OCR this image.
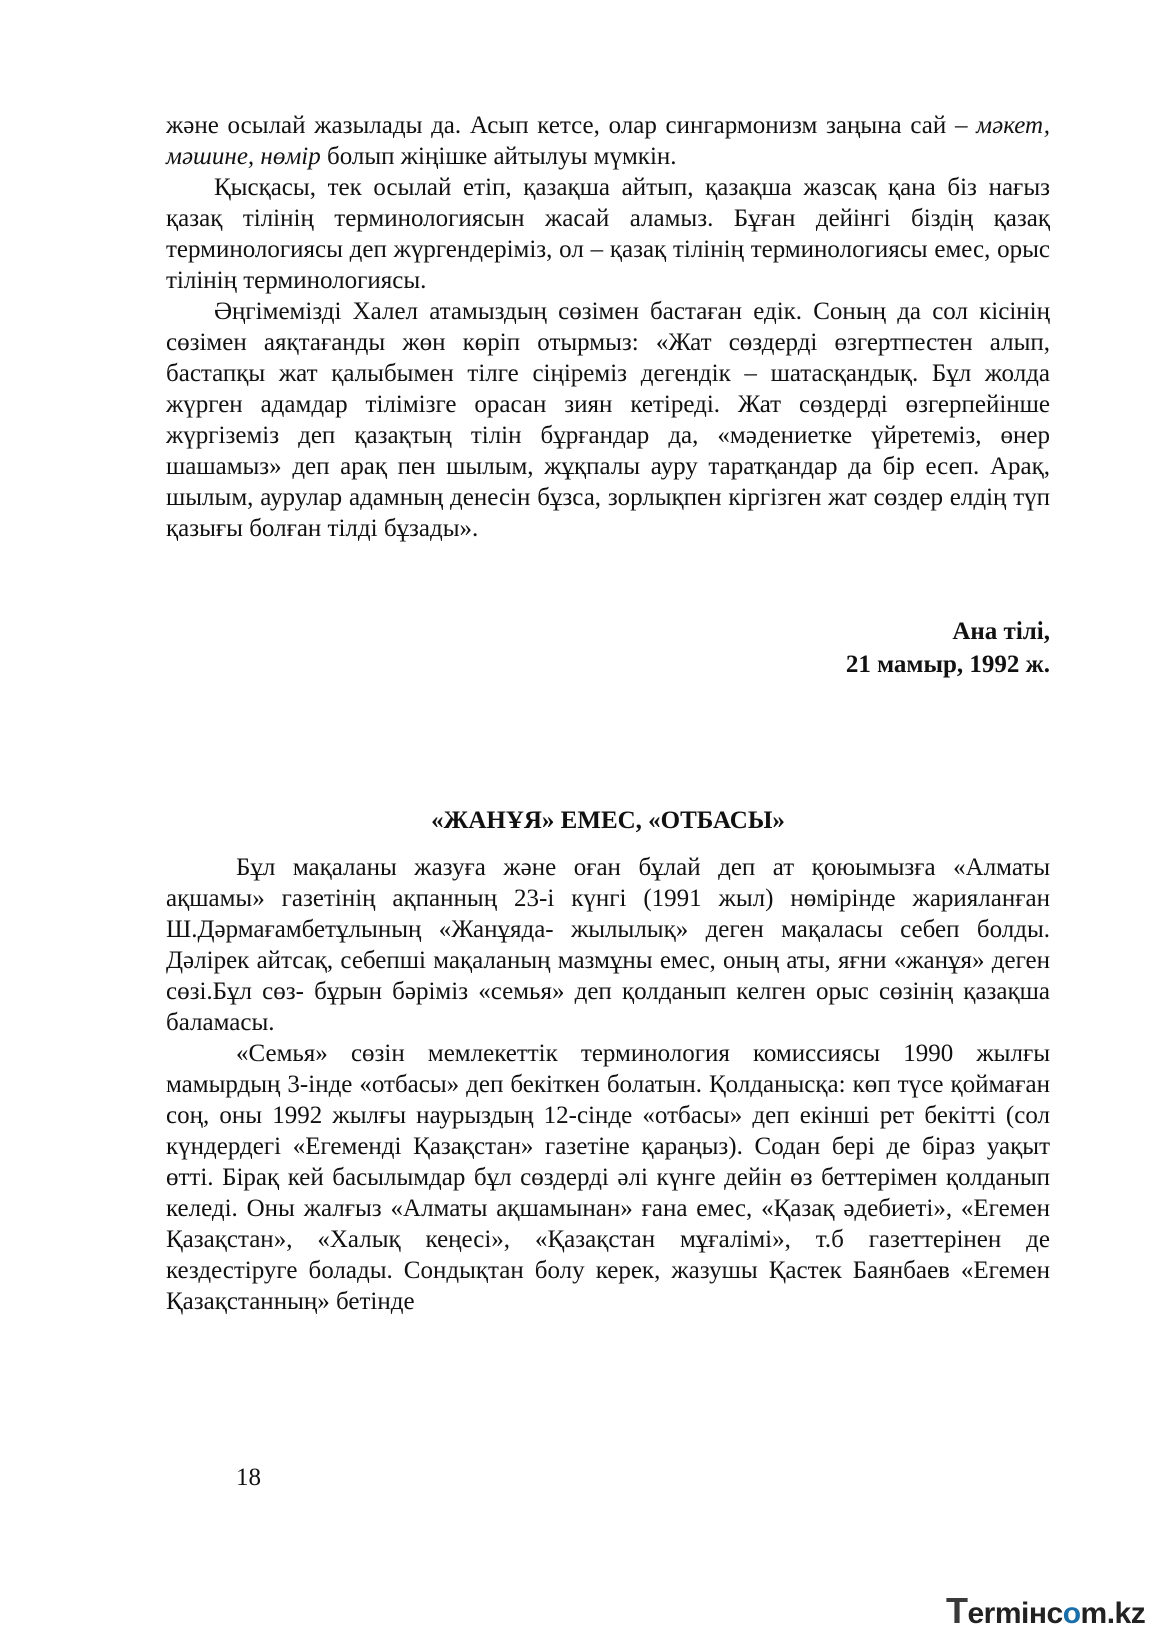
және осылай жазылады да. Асып кетсе, олар сингармонизм заңына сай – мәкет, мәшине, нөмір болып жіңішке айтылуы мүмкін.

Қысқасы, тек осылай етіп, қазақша айтып, қазақша жазсақ қана біз нағыз қазақ тілінің терминологиясын жасай аламыз. Бұған дейінгі біздің қазақ терминологиясы деп жүргендеріміз, ол – қазақ тілінің терминологиясы емес, орыс тілінің терминологиясы.

Әңгімемізді Халел атамыздың сөзімен бастаған едік. Соның да сол кісінің сөзімен аяқтағанды жөн көріп отырмыз: «Жат сөздерді өзгертпестен алып, бастапқы жат қалыбымен тілге сіңіреміз дегендік – шатасқандық. Бұл жолда жүрген адамдар тілімізге орасан зиян кетіреді. Жат сөздерді өзгерпейінше жүргіземіз деп қазақтың тілін бұрғандар да, «мәдениетке үйретеміз, өнер шашамыз» деп арақ пен шылым, жұқпалы ауру таратқандар да бір есеп. Арақ, шылым, аурулар адамның денесін бұзса, зорлықпен кіргізген жат сөздер елдің түп қазығы болған тілді бұзады».

Ана тілі,
21 мамыр, 1992 ж.
«ЖАНҰЯ» ЕМЕС, «ОТБАСЫ»

Бұл мақаланы жазуға және оған бұлай деп ат қоюымызға «Алматы ақшамы» газетінің ақпанның 23-і күнгі (1991 жыл) нөмірінде жарияланған Ш.Дәрмағамбетұлының «Жанұяда- жылылық» деген мақаласы себеп болды. Дәлірек айтсақ, себепші мақаланың мазмұны емес, оның аты, яғни «жанұя» деген сөзі.Бұл сөз- бұрын бәріміз «семья» деп қолданып келген орыс сөзінің қазақша баламасы.

«Семья» сөзін мемлекеттік терминология комиссиясы 1990 жылғы мамырдың 3-інде «отбасы» деп бекіткен болатын. Қолданысқа: көп түсе қоймаған соң, оны 1992 жылғы наурыздың 12-сінде «отбасы» деп екінші рет бекітті (сол күндердегі «Егеменді Қазақстан» газетіне қараңыз). Содан бері де біраз уақыт өтті. Бірақ кей басылымдар бұл сөздерді әлі күнге дейін өз беттерімен қолданып келеді. Оны жалғыз «Алматы ақшамынан» ғана емес, «Қазақ әдебиеті», «Егемен Қазақстан», «Халық кеңесі», «Қазақстан мұғалімі», т.б газеттерінен де кездестіруге болады. Сондықтан болу керек, жазушы Қастек Баянбаев «Егемен Қазақстанның» бетінде

18
Termінсоm.kz
